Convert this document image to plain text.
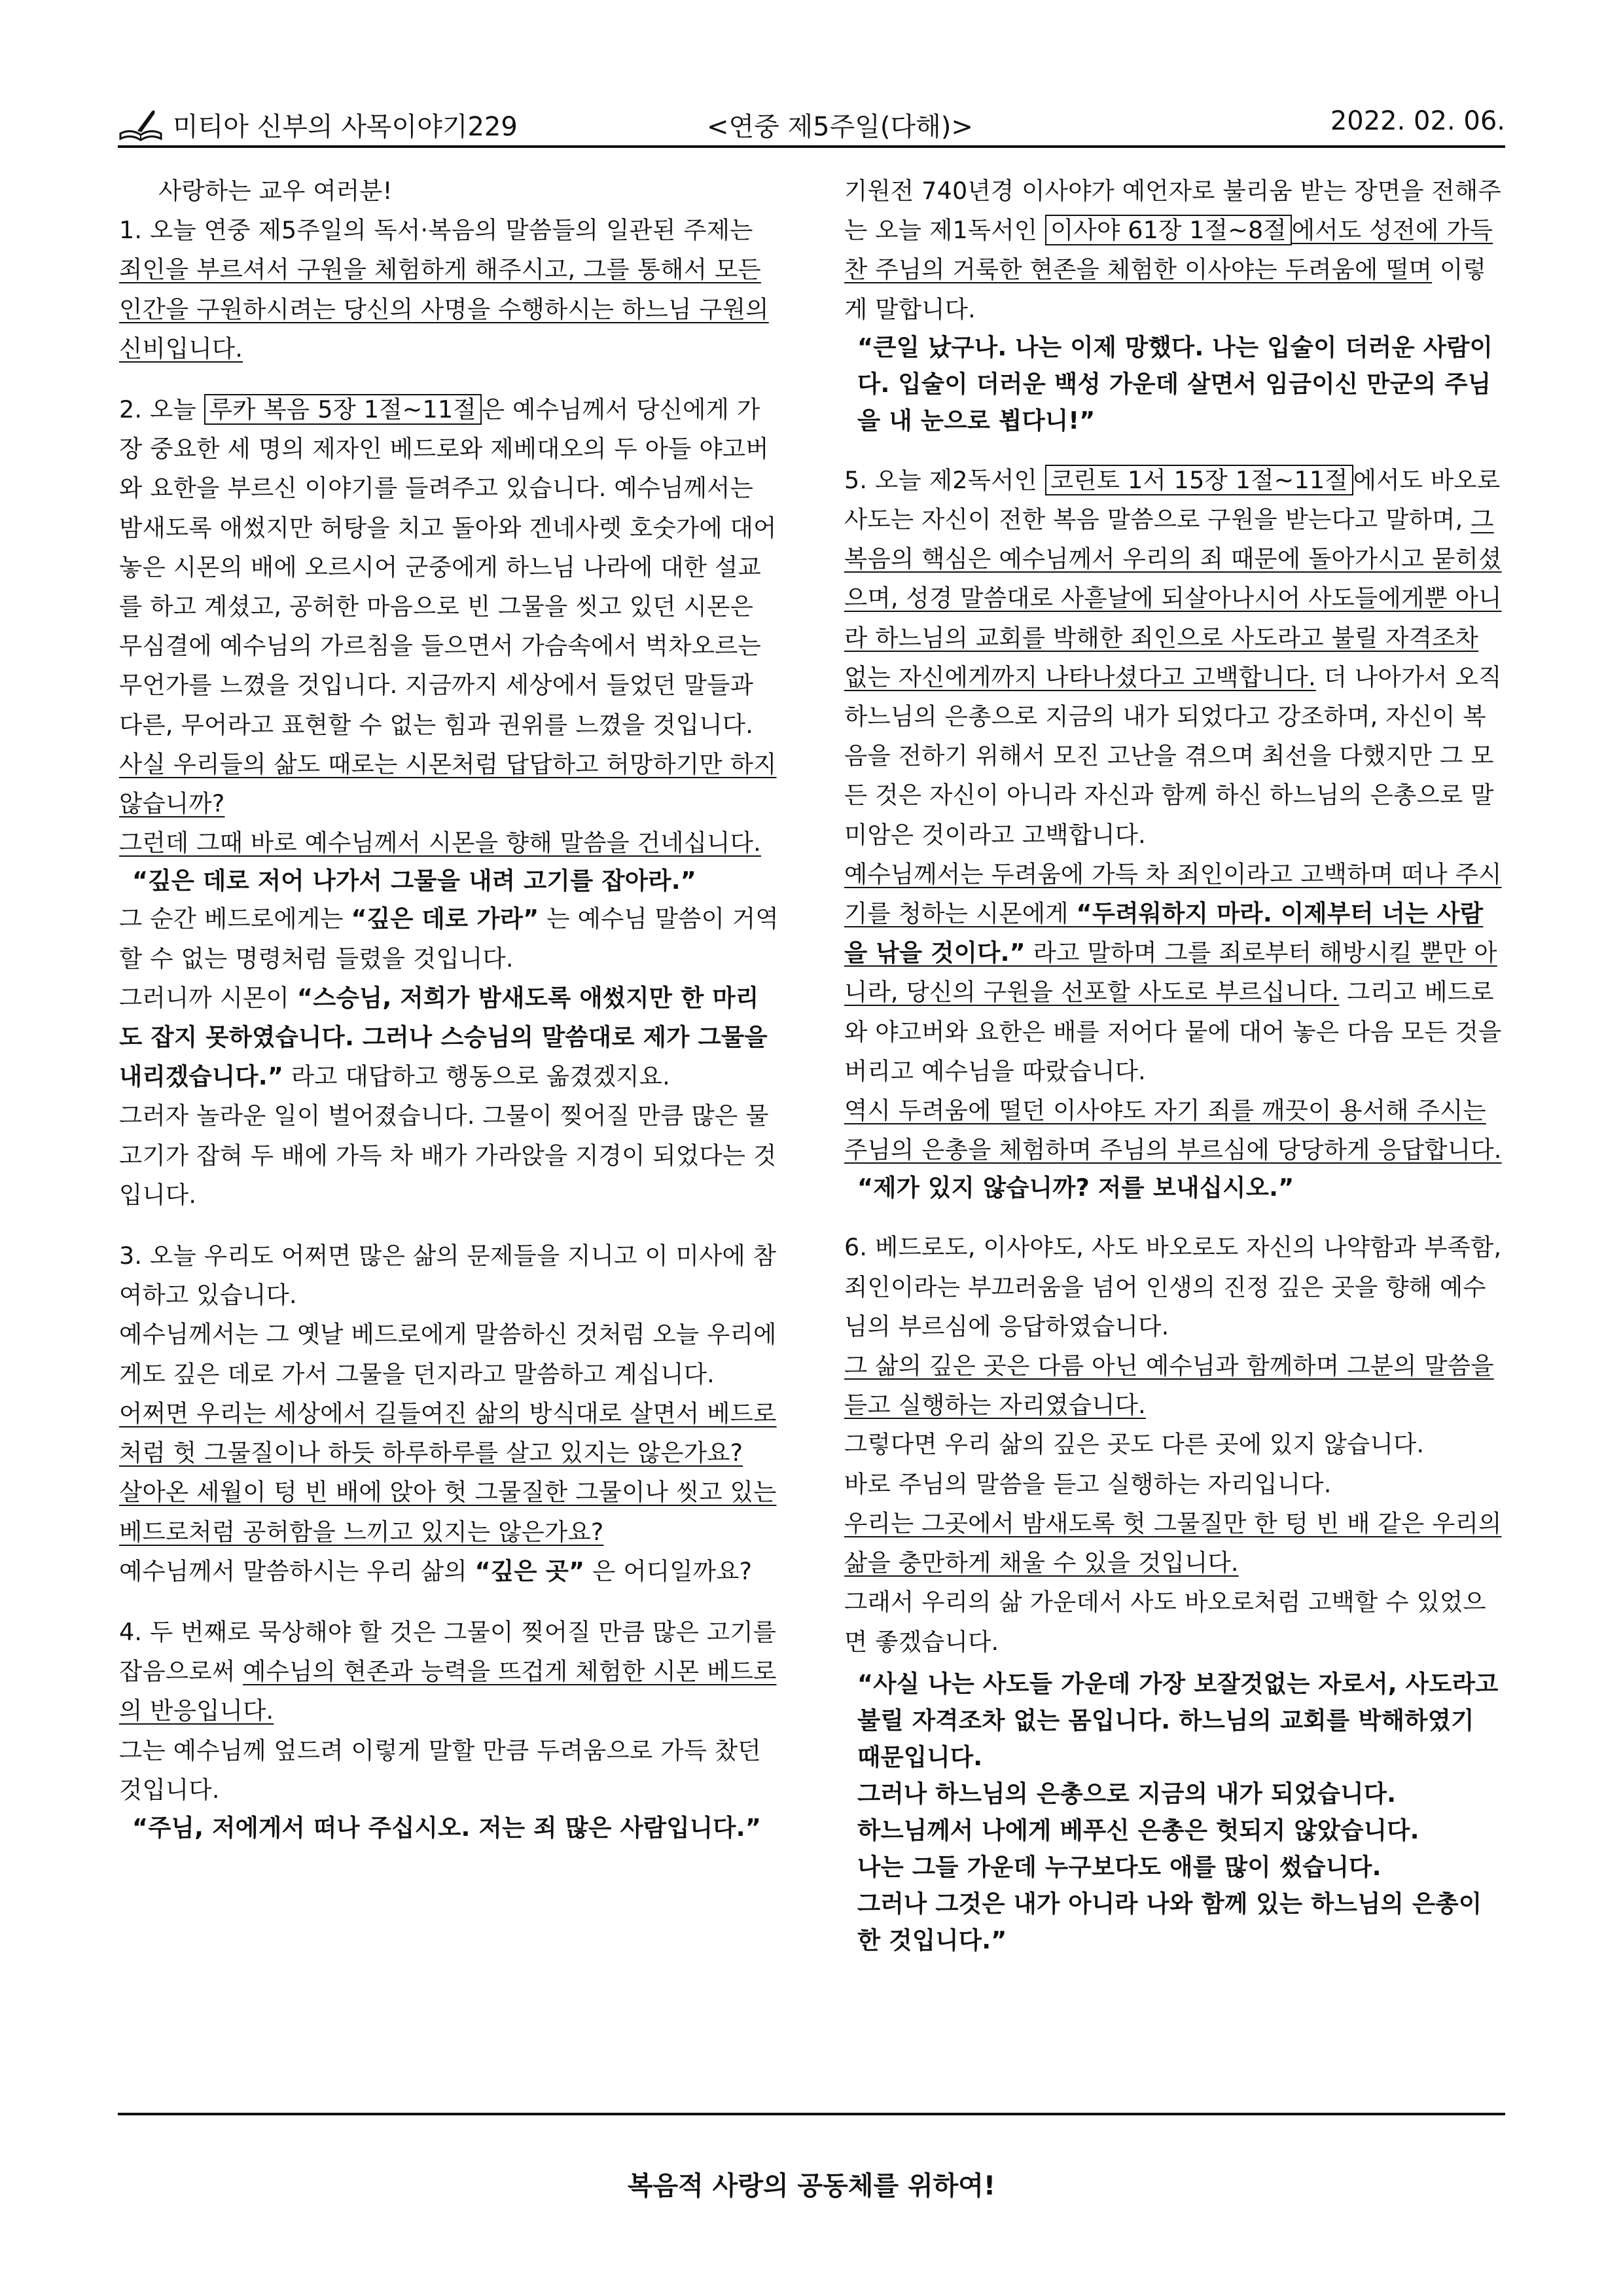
미티아 신부의 사목이야기229	<연중 제5주일(다해)>	2022. 02. 06.

사랑하는 교우 여러분!

1. 오늘 연중 제5주일의 독서·복음의 말씀들의 일관된 주제는 죄인을 부르셔서 구원을 체험하게 해주시고, 그를 통해서 모든 인간을 구원하시려는 당신의 사명을 수행하시는 하느님 구원의 신비입니다.

2. 오늘 루카 복음 5장 1절~11절 은 예수님께서 당신에게 가장 중요한 세 명의 제자인 베드로와 제베대오의 두 아들 야고버와 요한을 부르신 이야기를 들려주고 있습니다. 예수님께서는 밤새도록 애썼지만 허탕을 치고 돌아와 겐네사렛 호숫가에 대어 놓은 시몬의 배에 오르시어 군중에게 하느님 나라에 대한 설교를 하고 계셨고, 공허한 마음으로 빈 그물을 씻고 있던 시몬은 무심결에 예수님의 가르침을 들으면서 가슴속에서 벅차오르는 무언가를 느꼈을 것입니다. 지금까지 세상에서 들었던 말들과 다른, 무어라고 표현할 수 없는 힘과 권위를 느꼈을 것입니다.

사실 우리들의 삶도 때로는 시몬처럼 답답하고 허망하기만 하지 않습니까?

그런데 그때 바로 예수님께서 시몬을 향해 말씀을 건네십니다.

“깊은 데로 저어 나가서 그물을 내려 고기를 잡아라.”

그 순간 베드로에게는 “깊은 데로 가라” 는 예수님 말씀이 거역할 수 없는 명령처럼 들렸을 것입니다.

그러니까 시몬이 “스승님, 저희가 밤새도록 애썼지만 한 마리도 잡지 못하였습니다. 그러나 스승님의 말씀대로 제가 그물을 내리겠습니다.” 라고 대답하고 행동으로 옮겼겠지요.

그러자 놀라운 일이 벌어졌습니다. 그물이 찢어질 만큼 많은 물고기가 잡혀 두 배에 가득 차 배가 가라앉을 지경이 되었다는 것입니다.

3. 오늘 우리도 어쩌면 많은 삶의 문제들을 지니고 이 미사에 참여하고 있습니다.

예수님께서는 그 옛날 베드로에게 말씀하신 것처럼 오늘 우리에게도 깊은 데로 가서 그물을 던지라고 말씀하고 계십니다.

어쩌면 우리는 세상에서 길들여진 삶의 방식대로 살면서 베드로처럼 헛 그물질이나 하듯 하루하루를 살고 있지는 않은가요?

살아온 세월이 텅 빈 배에 앉아 헛 그물질한 그물이나 씻고 있는 베드로처럼 공허함을 느끼고 있지는 않은가요?

예수님께서 말씀하시는 우리 삶의 “깊은 곳” 은 어디일까요?

4. 두 번째로 묵상해야 할 것은 그물이 찢어질 만큼 많은 고기를 잡음으로써 예수님의 현존과 능력을 뜨겁게 체험한 시몬 베드로의 반응입니다.

그는 예수님께 엎드려 이렇게 말할 만큼 두려움으로 가득 찼던 것입니다.

“주님, 저에게서 떠나 주십시오. 저는 죄 많은 사람입니다.”

기원전 740년경 이사야가 예언자로 불리움 받는 장면을 전해주는 오늘 제1독서인 이사야 61장 1절~8절 에서도 성전에 가득 찬 주님의 거룩한 현존을 체험한 이사야는 두려움에 떨며 이렇게 말합니다.

“큰일 났구나. 나는 이제 망했다. 나는 입술이 더러운 사람이다. 입술이 더러운 백성 가운데 살면서 임금이신 만군의 주님을 내 눈으로 뵙다니!”

5. 오늘 제2독서인 코린토 1서 15장 1절~11절 에서도 바오로 사도는 자신이 전한 복음 말씀으로 구원을 받는다고 말하며, 그 복음의 핵심은 예수님께서 우리의 죄 때문에 돌아가시고 묻히셨으며, 성경 말씀대로 사흗날에 되살아나시어 사도들에게뿐 아니라 하느님의 교회를 박해한 죄인으로 사도라고 불릴 자격조차 없는 자신에게까지 나타나셨다고 고백합니다. 더 나아가서 오직 하느님의 은총으로 지금의 내가 되었다고 강조하며, 자신이 복음을 전하기 위해서 모진 고난을 겪으며 최선을 다했지만 그 모든 것은 자신이 아니라 자신과 함께 하신 하느님의 은총으로 말미암은 것이라고 고백합니다.

예수님께서는 두려움에 가득 차 죄인이라고 고백하며 떠나 주시기를 청하는 시몬에게 “두려워하지 마라. 이제부터 너는 사람을 낚을 것이다.” 라고 말하며 그를 죄로부터 해방시킬 뿐만 아니라, 당신의 구원을 선포할 사도로 부르십니다. 그리고 베드로와 야고버와 요한은 배를 저어다 뭍에 대어 놓은 다음 모든 것을 버리고 예수님을 따랐습니다.

역시 두려움에 떨던 이사야도 자기 죄를 깨끗이 용서해 주시는 주님의 은총을 체험하며 주님의 부르심에 당당하게 응답합니다.

“제가 있지 않습니까? 저를 보내십시오.”

6. 베드로도, 이사야도, 사도 바오로도 자신의 나약함과 부족함, 죄인이라는 부끄러움을 넘어 인생의 진정 깊은 곳을 향해 예수님의 부르심에 응답하였습니다.

그 삶의 깊은 곳은 다름 아닌 예수님과 함께하며 그분의 말씀을 듣고 실행하는 자리였습니다.

그렇다면 우리 삶의 깊은 곳도 다른 곳에 있지 않습니다.

바로 주님의 말씀을 듣고 실행하는 자리입니다.

우리는 그곳에서 밤새도록 헛 그물질만 한 텅 빈 배 같은 우리의 삶을 충만하게 채울 수 있을 것입니다.

그래서 우리의 삶 가운데서 사도 바오로처럼 고백할 수 있었으면 좋겠습니다.

“사실 나는 사도들 가운데 가장 보잘것없는 자로서, 사도라고 불릴 자격조차 없는 몸입니다. 하느님의 교회를 박해하였기 때문입니다.
그러나 하느님의 은총으로 지금의 내가 되었습니다.
하느님께서 나에게 베푸신 은총은 헛되지 않았습니다.
나는 그들 가운데 누구보다도 애를 많이 썼습니다.
그러나 그것은 내가 아니라 나와 함께 있는 하느님의 은총이 한 것입니다.”
복음적 사랑의 공동체를 위하여!
